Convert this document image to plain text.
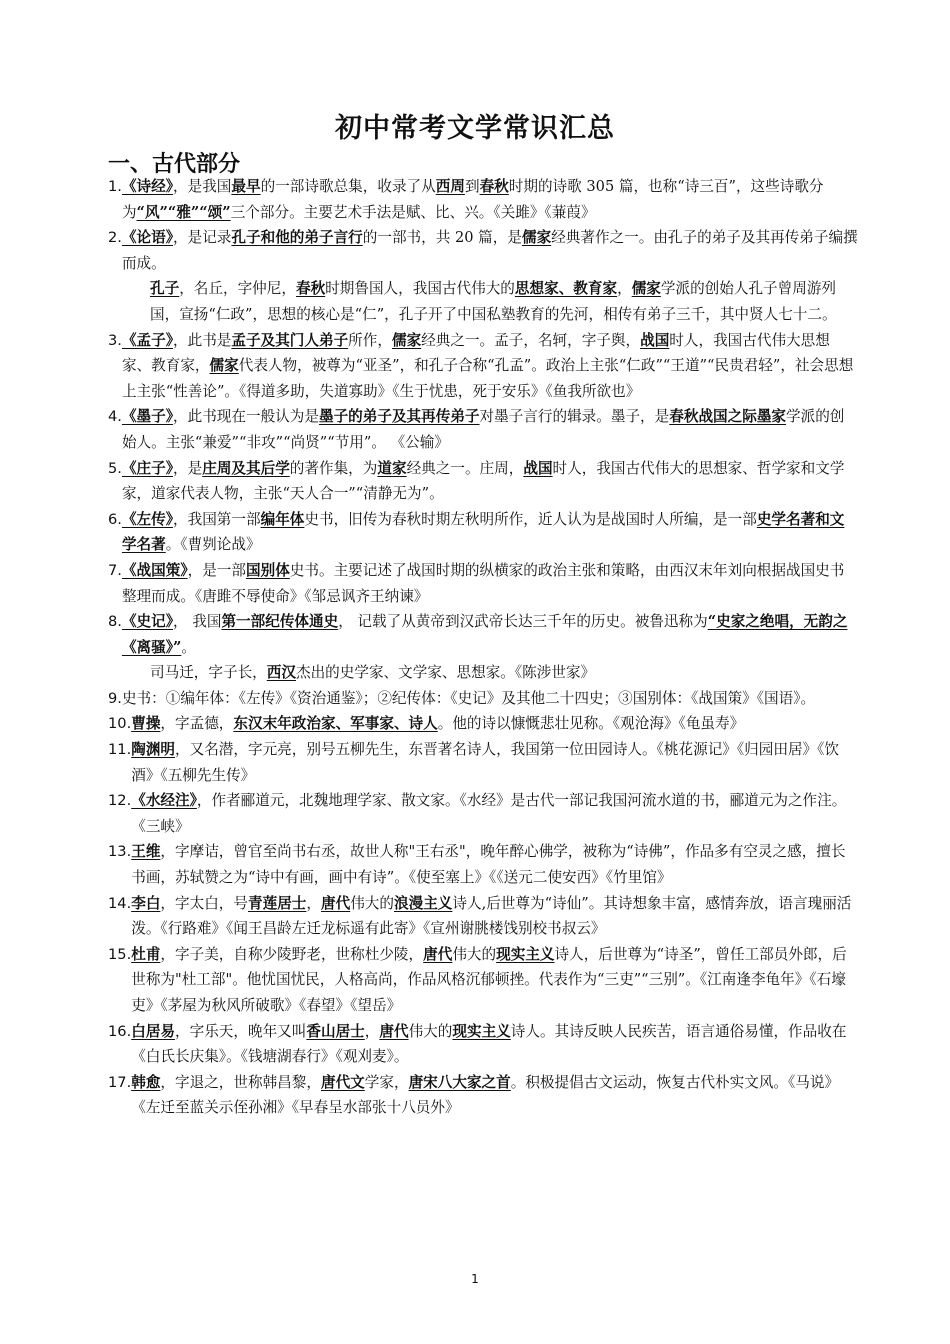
初中常考文学常识汇总
一、古代部分
1. 《诗经》，是我国最早的一部诗歌总集，收录了从西周到春秋时期的诗歌 305 篇，也称“诗三百”，这些诗歌分为“风”“雅”“颂”三个部分。主要艺术手法是赋、比、兴。《关雎》《蒹葭》
2. 《论语》，是记录孔子和他的弟子言行的一部书，共 20 篇，是儒家经典著作之一。由孔子的弟子及其再传弟子编撰而成。
孔子，名丘，字仲尼，春秋时期鲁国人，我国古代伟大的思想家、教育家，儒家学派的创始人孔子曾周游列国，宣扬“仁政”，思想的核心是“仁”，孔子开了中国私塾教育的先河，相传有弟子三千，其中贤人七十二。
3. 《孟子》，此书是孟子及其门人弟子所作，儒家经典之一。孟子，名轲，字子舆，战国时人，我国古代伟大思想家、教育家，儒家代表人物，被尊为“亚圣”，和孔子合称“孔孟”。政治上主张“仁政”“王道”“民贵君轻”，社会思想上主张“性善论”。《得道多助，失道寡助》《生于忧患，死于安乐》《鱼我所欲也》
4. 《墨子》，此书现在一般认为是墨子的弟子及其再传弟子对墨子言行的辑录。墨子，是春秋战国之际墨家学派的创始人。主张“兼爱”“非攻”“尚贤”“节用”。 《公输》
5. 《庄子》，是庄周及其后学的著作集，为道家经典之一。庄周，战国时人，我国古代伟大的思想家、哲学家和文学家，道家代表人物，主张“天人合一”“清静无为”。
6. 《左传》，我国第一部编年体史书，旧传为春秋时期左秋明所作，近人认为是战国时人所编，是一部史学名著和文学名著。《曹刿论战》
7. 《战国策》，是一部国别体史书。主要记述了战国时期的纵横家的政治主张和策略，由西汉末年刘向根据战国史书整理而成。《唐雎不辱使命》《邹忌讽齐王纳谏》
8. 《史记》， 我国第一部纪传体通史， 记载了从黄帝到汉武帝长达三千年的历史。被鲁迅称为“史家之绝唱，无韵之《离骚》”。
司马迁，字子长，西汉杰出的史学家、文学家、思想家。《陈涉世家》
9. 史书：①编年体：《左传》《资治通鉴》；②纪传体：《史记》及其他二十四史；③国别体：《战国策》《国语》。
10. 曹操，字孟德，东汉末年政治家、军事家、诗人。他的诗以慷慨悲壮见称。《观沧海》《龟虽寿》
11. 陶渊明，又名潜，字元亮，别号五柳先生，东晋著名诗人，我国第一位田园诗人。《桃花源记》《归园田居》《饮酒》《五柳先生传》
12. 《水经注》，作者郦道元，北魏地理学家、散文家。《水经》是古代一部记我国河流水道的书，郦道元为之作注。《三峡》
13. 王维，字摩诘，曾官至尚书右丞，故世人称"王右丞"，晚年醉心佛学，被称为“诗佛”，作品多有空灵之感，擅长书画，苏轼赞之为“诗中有画，画中有诗”。《使至塞上》《《送元二使安西》《竹里馆》
14. 李白，字太白，号青莲居士，唐代伟大的浪漫主义诗人,后世尊为“诗仙”。其诗想象丰富，感情奔放，语言瑰丽活泼。《行路难》《闻王昌龄左迁龙标遥有此寄》《宣州谢朓楼饯别校书叔云》
15. 杜甫，字子美，自称少陵野老，世称杜少陵，唐代伟大的现实主义诗人，后世尊为“诗圣”，曾任工部员外郎，后世称为"杜工部"。他忧国忧民，人格高尚，作品风格沉郁顿挫。代表作为“三吏”“三别”。《江南逢李龟年》《石壕吏》《茅屋为秋风所破歌》《春望》《望岳》
16. 白居易，字乐天，晚年又叫香山居士，唐代伟大的现实主义诗人。其诗反映人民疾苦，语言通俗易懂，作品收在《白氏长庆集》。《钱塘湖春行》《观刈麦》。
17. 韩愈，字退之，世称韩昌黎，唐代文学家，唐宋八大家之首。积极提倡古文运动，恢复古代朴实文风。《马说》《左迁至蓝关示侄孙湘》《早春呈水部张十八员外》
1
